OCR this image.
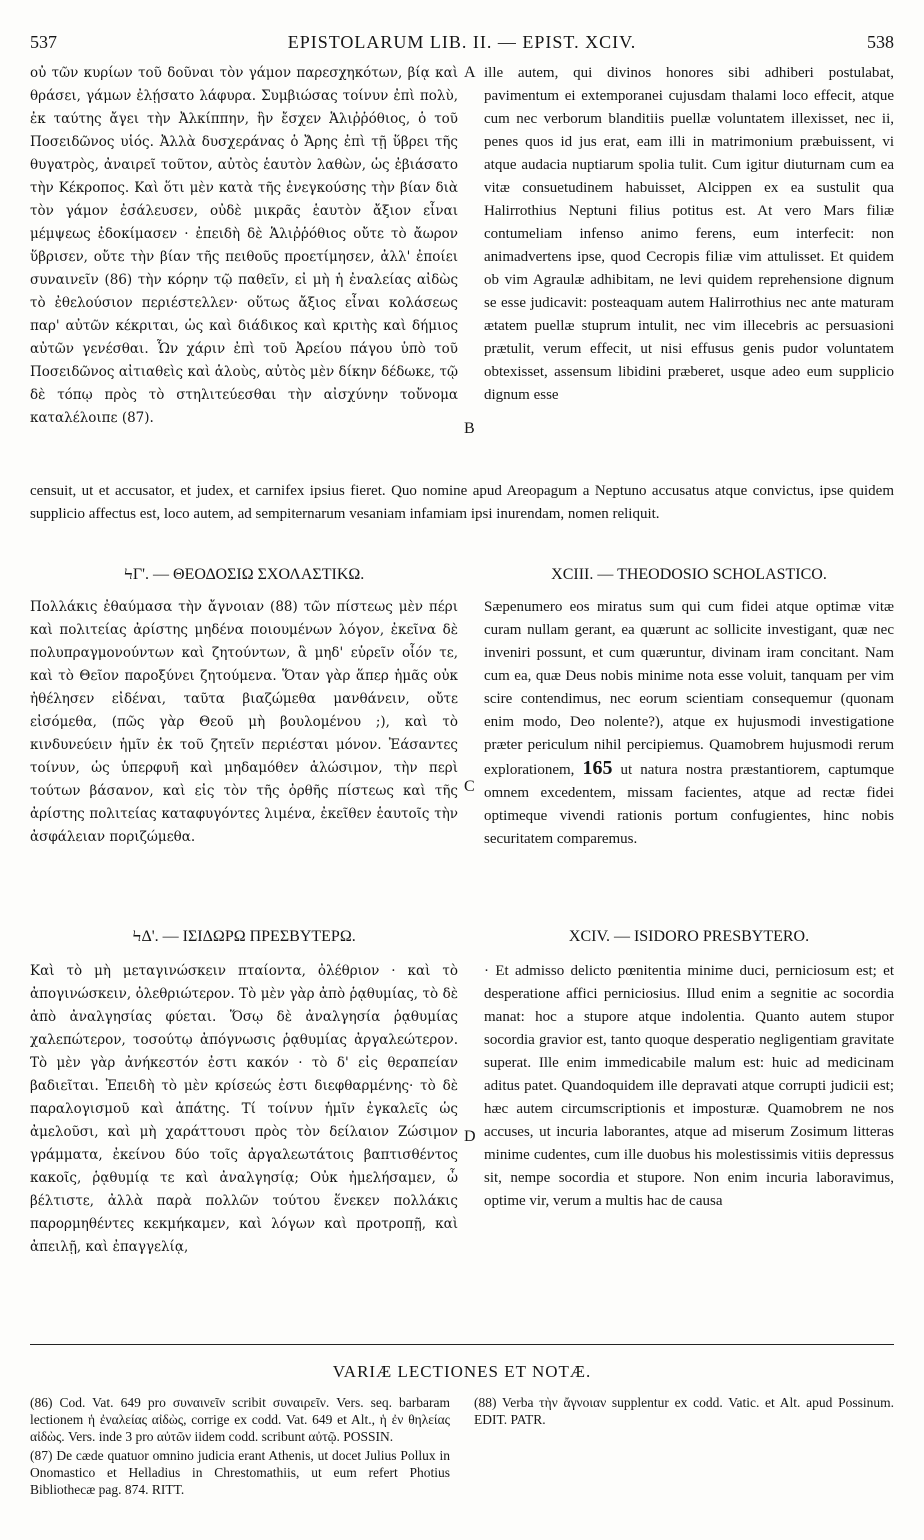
537	EPISTOLARUM LIB. II. — EPIST. XCIV.	538

οὐ τῶν κυρίων τοῦ δοῦναι τὸν γάμον παρεσχηκότων, βίᾳ καὶ θράσει, γάμων ἐλῄσατο λάφυρα. Συμβιώσας τοίνυν ἐπὶ πολὺ, ἐκ ταύτης ἄγει τὴν Ἀλκίππην, ἣν ἔσχεν Ἁλιῤῥόθιος, ὁ τοῦ Ποσειδῶνος υἱός. Ἀλλὰ δυσχεράνας ὁ Ἄρης ἐπὶ τῇ ὕβρει τῆς θυγατρὸς, ἀναιρεῖ τοῦτον, αὐτὸς ἑαυτὸν λαθὼν, ὡς ἐβιάσατο τὴν Κέκροπος. Καὶ ὅτι μὲν κατὰ τῆς ἐνεγκούσης τὴν βίαν διὰ τὸν γάμον ἐσάλευσεν, οὐδὲ μικρᾶς ἑαυτὸν ἄξιον εἶναι μέμψεως ἐδοκίμασεν · ἐπειδὴ δὲ Ἁλιῤῥόθιος οὔτε τὸ ἄωρον ὕβρισεν, οὔτε τὴν βίαν τῆς πειθοῦς προετίμησεν, ἀλλ' ἐποίει συναινεῖν (86) τὴν κόρην τῷ παθεῖν, εἰ μὴ ἡ ἐναλείας αἰδὼς τὸ ἐθελούσιον περιέστελλεν· οὕτως ἄξιος εἶναι κολάσεως παρ' αὐτῶν κέκριται, ὡς καὶ διάδικος καὶ κριτὴς καὶ δήμιος αὐτῶν γενέσθαι. Ὧν χάριν ἐπὶ τοῦ Ἀρείου πάγου ὑπὸ τοῦ Ποσειδῶνος αἰτιαθεὶς καὶ ἁλοὺς, αὐτὸς μὲν δίκην δέδωκε, τῷ δὲ τόπῳ πρὸς τὸ στηλιτεύεσθαι τὴν αἰσχύνην τοὔνομα καταλέλοιπε (87).

ille autem, qui divinos honores sibi adhiberi postulabat, pavimentum ei extemporanei cujusdam thalami loco effecit, atque cum nec verborum blanditiis puellæ voluntatem illexisset, nec ii, penes quos id jus erat, eam illi in matrimonium præbuissent, vi atque audacia nuptiarum spolia tulit. Cum igitur diuturnam cum ea vitæ consuetudinem habuisset, Alcippen ex ea sustulit qua Halirrothius Neptuni filius potitus est. At vero Mars filiæ contumeliam infenso animo ferens, eum interfecit: non animadvertens ipse, quod Cecropis filiæ vim attulisset. Et quidem ob vim Agraulæ adhibitam, ne levi quidem reprehensione dignum se esse judicavit: posteaquam autem Halirrothius nec ante maturam ætatem puellæ stuprum intulit, nec vim illecebris ac persuasioni prætulit, verum effecit, ut nisi effusus genis pudor voluntatem obtexisset, assensum libidini præberet, usque adeo eum supplicio dignum esse

censuit, ut et accusator, et judex, et carnifex ipsius fieret. Quo nomine apud Areopagum a Neptuno accusatus atque convictus, ipse quidem supplicio affectus est, loco autem, ad sempiternarum vesaniam infamiam ipsi inurendam, nomen reliquit.

A
B
C
D
ϞΓ'. — ΘΕΟΔΟΣΙΩ ΣΧΟΛΑΣΤΙΚΩ.	XCIII. — THEODOSIO SCHOLASTICO.

Πολλάκις ἐθαύμασα τὴν ἄγνοιαν (88) τῶν πίστεως μὲν πέρι καὶ πολιτείας ἀρίστης μηδένα ποιουμένων λόγον, ἐκεῖνα δὲ πολυπραγμονούντων καὶ ζητούντων, ἃ μηδ' εὑρεῖν οἷόν τε, καὶ τὸ Θεῖον παροξύνει ζητούμενα. Ὅταν γὰρ ἅπερ ἡμᾶς οὐκ ἠθέλησεν εἰδέναι, ταῦτα βιαζώμεθα μανθάνειν, οὔτε εἰσόμεθα, (πῶς γὰρ Θεοῦ μὴ βουλομένου ;), καὶ τὸ κινδυνεύειν ἡμῖν ἐκ τοῦ ζητεῖν περιέσται μόνον. Ἐάσαντες τοίνυν, ὡς ὑπερφυῆ καὶ μηδαμόθεν ἁλώσιμον, τὴν περὶ τούτων βάσανον, καὶ εἰς τὸν τῆς ὀρθῆς πίστεως καὶ τῆς ἀρίστης πολιτείας καταφυγόντες λιμένα, ἐκεῖθεν ἑαυτοῖς τὴν ἀσφάλειαν ποριζώμεθα.

Sæpenumero eos miratus sum qui cum fidei atque optimæ vitæ curam nullam gerant, ea quærunt ac sollicite investigant, quæ nec inveniri possunt, et cum quæruntur, divinam iram concitant. Nam cum ea, quæ Deus nobis minime nota esse voluit, tanquam per vim scire contendimus, nec eorum scientiam consequemur (quonam enim modo, Deo nolente?), atque ex hujusmodi investigatione præter periculum nihil percipiemus. Quamobrem hujusmodi rerum explorationem, 165 ut natura nostra præstantiorem, captumque omnem excedentem, missam facientes, atque ad rectæ fidei optimeque vivendi rationis portum confugientes, hinc nobis securitatem comparemus.

ϞΔ'. — ΙΣΙΔΩΡΩ ΠΡΕΣΒΥΤΕΡΩ.	XCIV. — ISIDORO PRESBYTERO.

Καὶ τὸ μὴ μεταγινώσκειν πταίοντα, ὀλέθριον · καὶ τὸ ἀπογινώσκειν, ὀλεθριώτερον. Τὸ μὲν γὰρ ἀπὸ ῥᾳθυμίας, τὸ δὲ ἀπὸ ἀναλγησίας φύεται. Ὅσῳ δὲ ἀναλγησία ῥᾳθυμίας χαλεπώτερον, τοσούτῳ ἀπόγνωσις ῥᾳθυμίας ἀργαλεώτερον. Τὸ μὲν γὰρ ἀνήκεστόν ἐστι κακόν · τὸ δ' εἰς θεραπείαν βαδιεῖται. Ἐπειδὴ τὸ μὲν κρίσεώς ἐστι διεφθαρμένης· τὸ δὲ παραλογισμοῦ καὶ ἀπάτης. Τί τοίνυν ἡμῖν ἐγκαλεῖς ὡς ἀμελοῦσι, καὶ μὴ χαράττουσι πρὸς τὸν δείλαιον Ζώσιμον γράμματα, ἐκείνου δύο τοῖς ἀργαλεωτάτοις βαπτισθέντος κακοῖς, ῥᾳθυμίᾳ τε καὶ ἀναλγησίᾳ; Οὐκ ἠμελήσαμεν, ὦ βέλτιστε, ἀλλὰ παρὰ πολλῶν τούτου ἕνεκεν πολλάκις παρορμηθέντες κεκμήκαμεν, καὶ λόγων καὶ προτροπῇ, καὶ ἀπειλῇ, καὶ ἐπαγγελίᾳ,

· Et admisso delicto pœnitentia minime duci, perniciosum est; et desperatione affici perniciosius. Illud enim a segnitie ac socordia manat: hoc a stupore atque indolentia. Quanto autem stupor socordia gravior est, tanto quoque desperatio negligentiam gravitate superat. Ille enim immedicabile malum est: huic ad medicinam aditus patet. Quandoquidem ille depravati atque corrupti judicii est; hæc autem circumscriptionis et imposturæ. Quamobrem ne nos accuses, ut incuria laborantes, atque ad miserum Zosimum litteras minime cudentes, cum ille duobus his molestissimis vitiis depressus sit, nempe socordia et stupore. Non enim incuria laboravimus, optime vir, verum a multis hac de causa

VARIÆ LECTIONES ET NOTÆ.

(86) Cod. Vat. 649 pro συναινεῖν scribit συναιρεῖν. Vers. seq. barbaram lectionem ἡ ἐναλείας αἰδὼς, corrige ex codd. Vat. 649 et Alt., ἡ ἐν θηλείας αἰδὼς. Vers. inde 3 pro αὐτῶν iidem codd. scribunt αὐτῷ. POSSIN.

(87) De cæde quatuor omnino judicia erant Athenis, ut docet Julius Pollux in Onomastico et Helladius in Chrestomathiis, ut eum refert Photius Bibliothecæ pag. 874. RITT.

(88) Verba τὴν ἄγνοιαν supplentur ex codd. Vatic. et Alt. apud Possinum. EDIT. PATR.
